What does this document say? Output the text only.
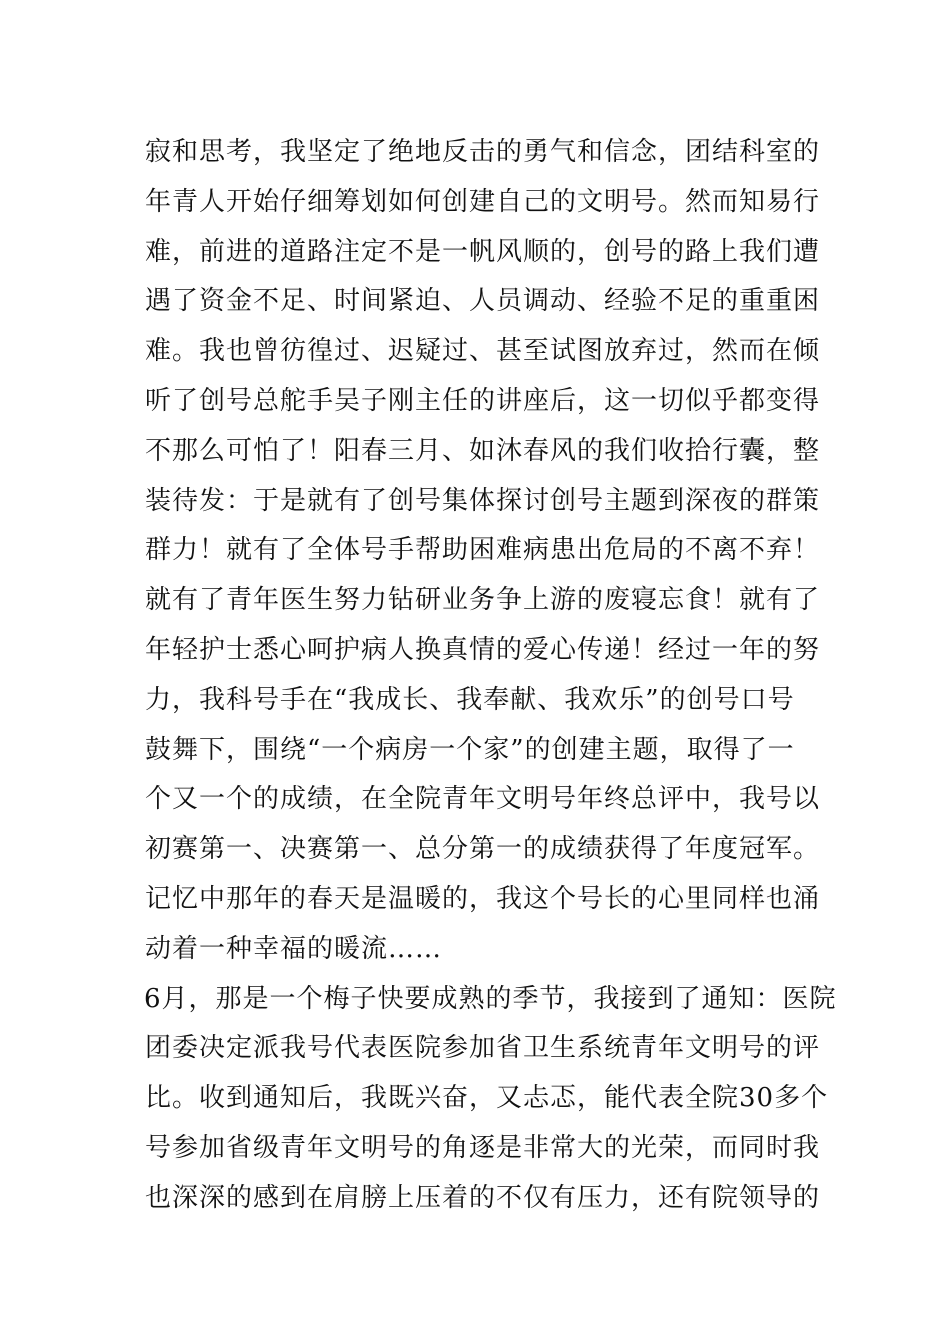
寂和思考，我坚定了绝地反击的勇气和信念，团结科室的
年青人开始仔细筹划如何创建自己的文明号。然而知易行
难，前进的道路注定不是一帆风顺的，创号的路上我们遭
遇了资金不足、时间紧迫、人员调动、经验不足的重重困
难。我也曾彷徨过、迟疑过、甚至试图放弃过，然而在倾
听了创号总舵手吴子刚主任的讲座后，这一切似乎都变得
不那么可怕了！阳春三月、如沐春风的我们收拾行囊，整
装待发：于是就有了创号集体探讨创号主题到深夜的群策
群力！就有了全体号手帮助困难病患出危局的不离不弃！
就有了青年医生努力钻研业务争上游的废寝忘食！就有了
年轻护士悉心呵护病人换真情的爱心传递！经过一年的努
力，我科号手在“我成长、我奉献、我欢乐”的创号口号
鼓舞下，围绕“一个病房一个家”的创建主题，取得了一
个又一个的成绩，在全院青年文明号年终总评中，我号以
初赛第一、决赛第一、总分第一的成绩获得了年度冠军。
记忆中那年的春天是温暖的，我这个号长的心里同样也涌
动着一种幸福的暖流……
6月，那是一个梅子快要成熟的季节，我接到了通知：医院
团委决定派我号代表医院参加省卫生系统青年文明号的评
比。收到通知后，我既兴奋，又忐忑，能代表全院30多个
号参加省级青年文明号的角逐是非常大的光荣，而同时我
也深深的感到在肩膀上压着的不仅有压力，还有院领导的
